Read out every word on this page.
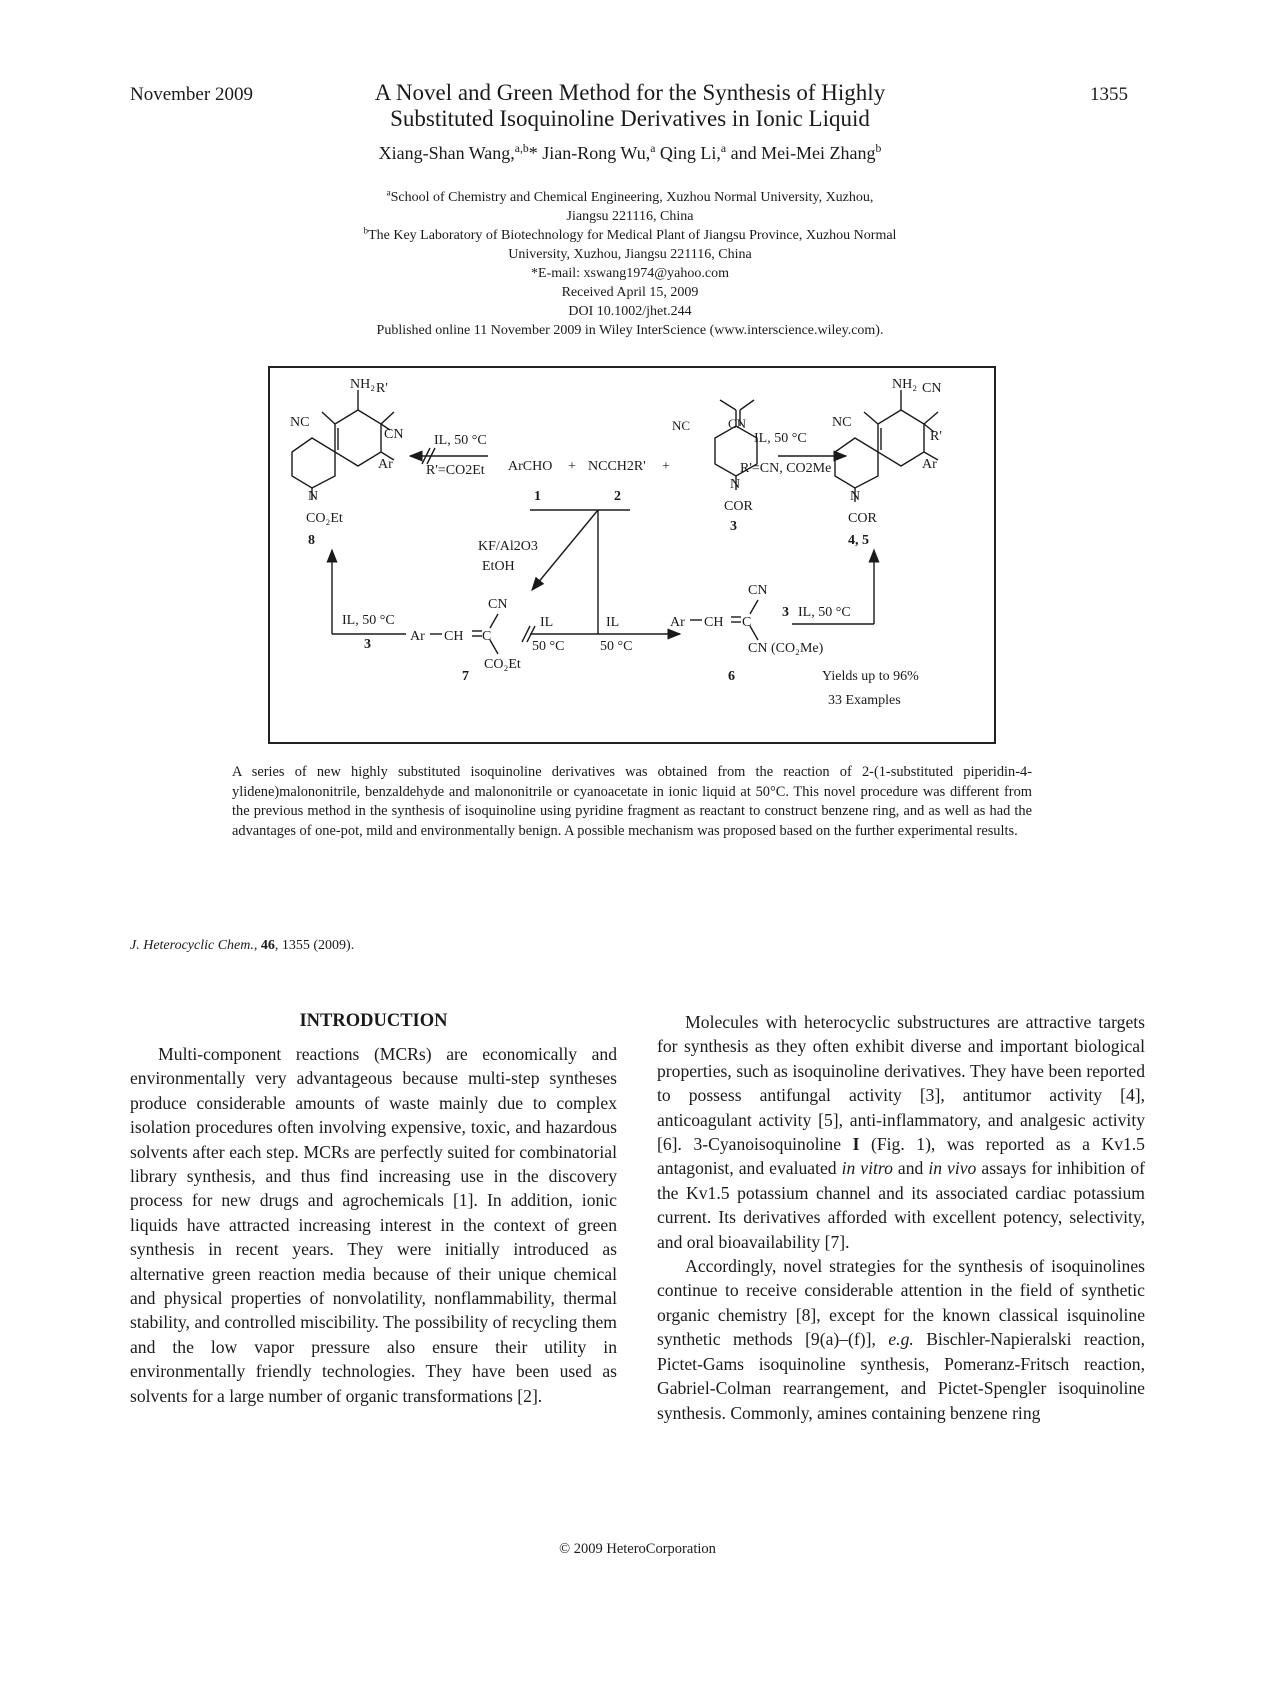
November 2009	1355
A Novel and Green Method for the Synthesis of Highly
Substituted Isoquinoline Derivatives in Ionic Liquid
Xiang-Shan Wang,$^{a,b}$* Jian-Rong Wu,$^a$ Qing Li,$^a$ and Mei-Mei Zhang$^b$
$^a$School of Chemistry and Chemical Engineering, Xuzhou Normal University, Xuzhou,
Jiangsu 221116, China
$^b$The Key Laboratory of Biotechnology for Medical Plant of Jiangsu Province, Xuzhou Normal
University, Xuzhou, Jiangsu 221116, China
*E-mail: xswang1974@yahoo.com
Received April 15, 2009
DOI 10.1002/jhet.244
Published online 11 November 2009 in Wiley InterScience (www.interscience.wiley.com).
NH₂ R'
NC
CN
Ar
N
CO₂Et
8
IL, 50 °C
R'=CO2Et ArCHO + NCCH2R' +
1	2
NC	CN
N
COR
3
IL, 50 °C
R'=CN, CO2Me
NH₂ CN
NC
R'
Ar
N
COR
4, 5
KF/Al2O3
EtOH
IL, 50 °C
3
Ar CH C
CN
CO₂Et
7
IL
50 °C
IL
50 °C
Ar CH C
CN
CN (CO₂Me)
6
3 IL, 50 °C
Yields up to 96%
33 Examples
A series of new highly substituted isoquinoline derivatives was obtained from the reaction of 2-(1-substituted piperidin-4-ylidene)malononitrile, benzaldehyde and malononitrile or cyanoacetate in ionic liquid at 50°C. This novel procedure was different from the previous method in the synthesis of isoquinoline using pyridine fragment as reactant to construct benzene ring, and as well as had the advantages of one-pot, mild and environmentally benign. A possible mechanism was proposed based on the further experimental results.
J. Heterocyclic Chem., 46, 1355 (2009).
INTRODUCTION

Multi-component reactions (MCRs) are economically and environmentally very advantageous because multi-step syntheses produce considerable amounts of waste mainly due to complex isolation procedures often involving expensive, toxic, and hazardous solvents after each step. MCRs are perfectly suited for combinatorial library synthesis, and thus find increasing use in the discovery process for new drugs and agrochemicals [1]. In addition, ionic liquids have attracted increasing interest in the context of green synthesis in recent years. They were initially introduced as alternative green reaction media because of their unique chemical and physical properties of nonvolatility, nonflammability, thermal stability, and controlled miscibility. The possibility of recycling them and the low vapor pressure also ensure their utility in environmentally friendly technologies. They have been used as solvents for a large number of organic transformations [2].

Molecules with heterocyclic substructures are attractive targets for synthesis as they often exhibit diverse and important biological properties, such as isoquinoline derivatives. They have been reported to possess antifungal activity [3], antitumor activity [4], anticoagulant activity [5], anti-inflammatory, and analgesic activity [6]. 3-Cyanoisoquinoline I (Fig. 1), was reported as a Kv1.5 antagonist, and evaluated in vitro and in vivo assays for inhibition of the Kv1.5 potassium channel and its associated cardiac potassium current. Its derivatives afforded with excellent potency, selectivity, and oral bioavailability [7].

Accordingly, novel strategies for the synthesis of isoquinolines continue to receive considerable attention in the field of synthetic organic chemistry [8], except for the known classical isquinoline synthetic methods [9(a)–(f)], e.g. Bischler-Napieralski reaction, Pictet-Gams isoquinoline synthesis, Pomeranz-Fritsch reaction, Gabriel-Colman rearrangement, and Pictet-Spengler isoquinoline synthesis. Commonly, amines containing benzene ring

© 2009 HeteroCorporation
